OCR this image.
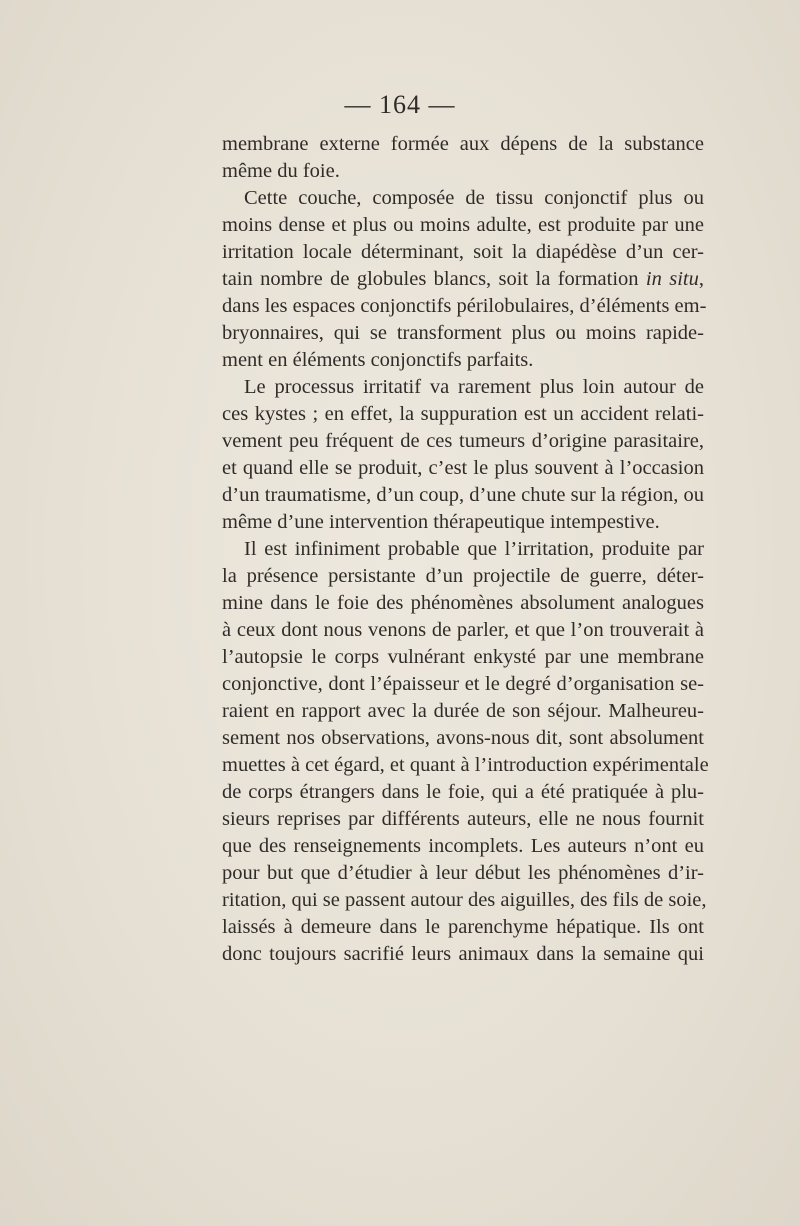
— 164 —
membrane externe formée aux dépens de la substance
même du foie.
Cette couche, composée de tissu conjonctif plus ou
moins dense et plus ou moins adulte, est produite par une
irritation locale déterminant, soit la diapédèse d’un cer-
tain nombre de globules blancs, soit la formation in situ,
dans les espaces conjonctifs périlobulaires, d’éléments em-
bryonnaires, qui se transforment plus ou moins rapide-
ment en éléments conjonctifs parfaits.
Le processus irritatif va rarement plus loin autour de
ces kystes ; en effet, la suppuration est un accident relati-
vement peu fréquent de ces tumeurs d’origine parasitaire,
et quand elle se produit, c’est le plus souvent à l’occasion
d’un traumatisme, d’un coup, d’une chute sur la région, ou
même d’une intervention thérapeutique intempestive.
Il est infiniment probable que l’irritation, produite par
la présence persistante d’un projectile de guerre, déter-
mine dans le foie des phénomènes absolument analogues
à ceux dont nous venons de parler, et que l’on trouverait à
l’autopsie le corps vulnérant enkysté par une membrane
conjonctive, dont l’épaisseur et le degré d’organisation se-
raient en rapport avec la durée de son séjour. Malheureu-
sement nos observations, avons-nous dit, sont absolument
muettes à cet égard, et quant à l’introduction expérimentale
de corps étrangers dans le foie, qui a été pratiquée à plu-
sieurs reprises par différents auteurs, elle ne nous fournit
que des renseignements incomplets. Les auteurs n’ont eu
pour but que d’étudier à leur début les phénomènes d’ir-
ritation, qui se passent autour des aiguilles, des fils de soie,
laissés à demeure dans le parenchyme hépatique. Ils ont
donc toujours sacrifié leurs animaux dans la semaine qui
